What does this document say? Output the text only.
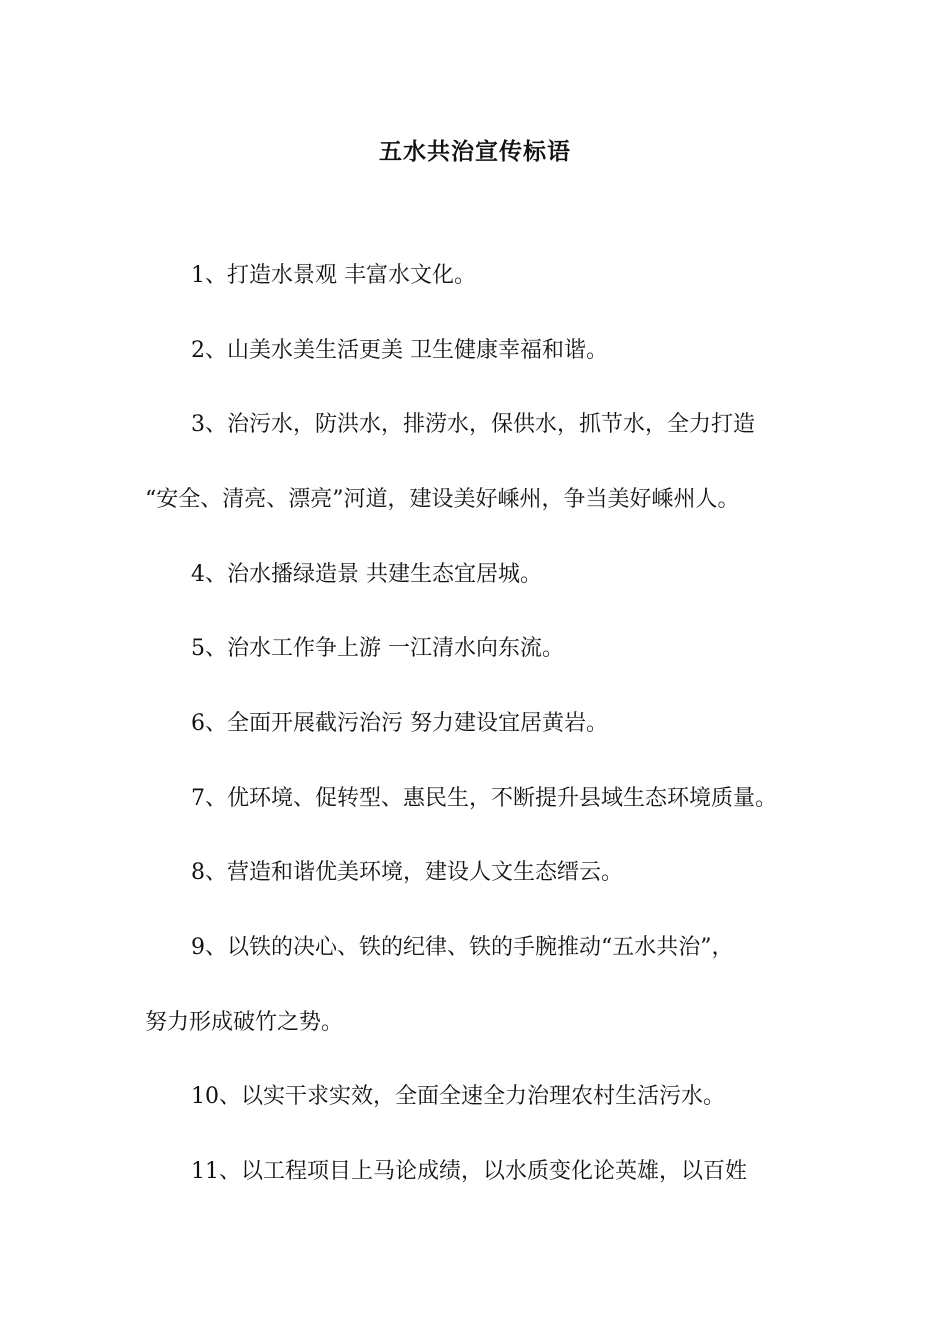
五水共治宣传标语

1、打造水景观 丰富水文化。

2、山美水美生活更美 卫生健康幸福和谐。

3、治污水，防洪水，排涝水，保供水，抓节水，全力打造

“安全、清亮、漂亮”河道，建设美好嵊州，争当美好嵊州人。

4、治水播绿造景 共建生态宜居城。

5、治水工作争上游 一江清水向东流。

6、全面开展截污治污 努力建设宜居黄岩。

7、优环境、促转型、惠民生，不断提升县域生态环境质量。

8、营造和谐优美环境，建设人文生态缙云。

9、以铁的决心、铁的纪律、铁的手腕推动“五水共治”，

努力形成破竹之势。

10、以实干求实效，全面全速全力治理农村生活污水。

11、以工程项目上马论成绩，以水质变化论英雄，以百姓
